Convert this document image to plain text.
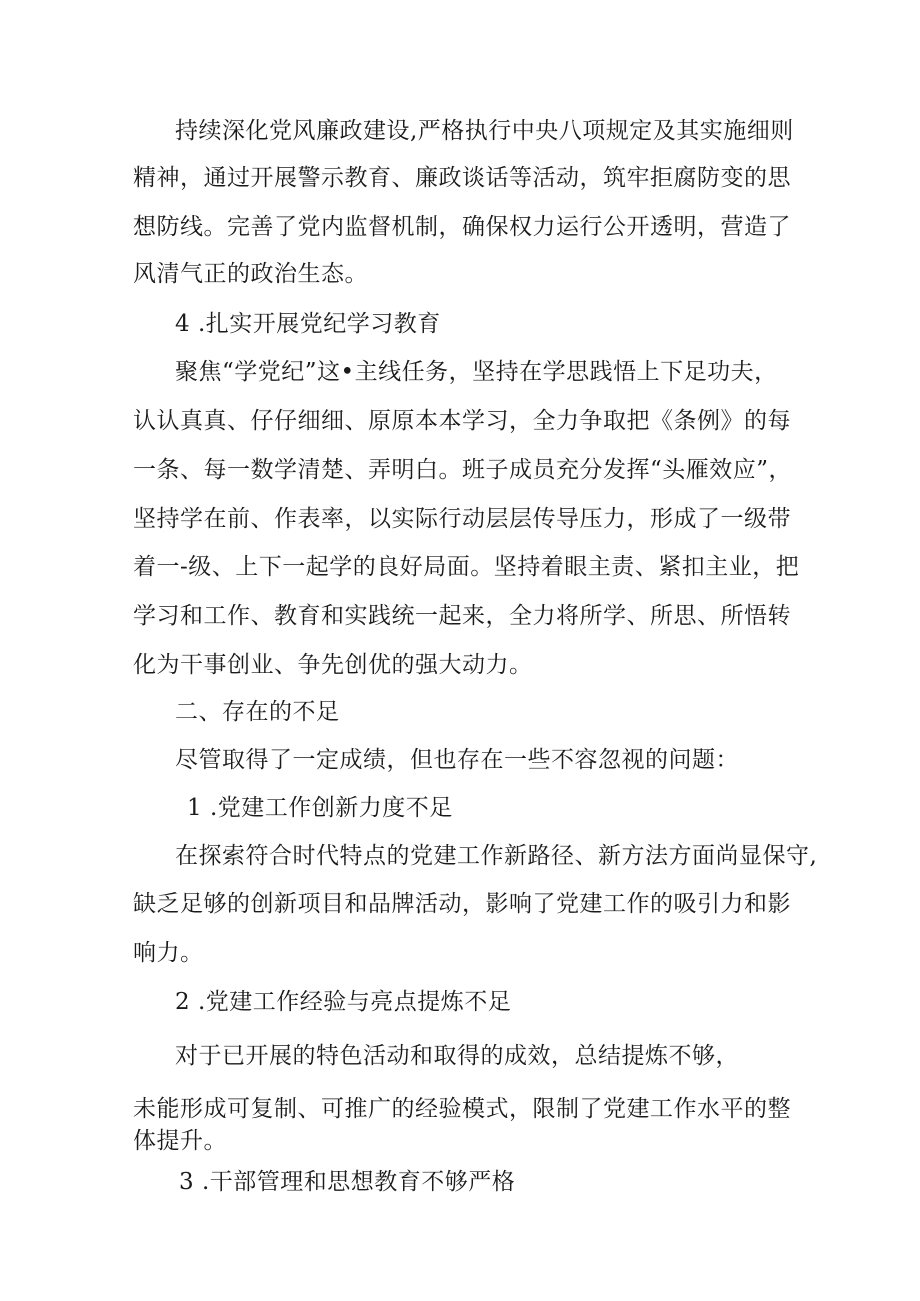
持续深化党风廉政建设,严格执行中央八项规定及其实施细则
精神，通过开展警示教育、廉政谈话等活动，筑牢拒腐防变的思
想防线。完善了党内监督机制，确保权力运行公开透明，营造了
风清气正的政治生态。
4 .扎实开展党纪学习教育
聚焦“学党纪”这•主线任务，坚持在学思践悟上下足功夫，
认认真真、仔仔细细、原原本本学习，全力争取把《条例》的每
一条、每一数学清楚、弄明白。班子成员充分发挥“头雁效应”，
坚持学在前、作表率，以实际行动层层传导压力，形成了一级带
着一-级、上下一起学的良好局面。坚持着眼主责、紧扣主业，把
学习和工作、教育和实践统一起来，全力将所学、所思、所悟转
化为干事创业、争先创优的强大动力。
二、存在的不足
尽管取得了一定成绩，但也存在一些不容忽视的问题：
1 .党建工作创新力度不足
在探索符合时代特点的党建工作新路径、新方法方面尚显保守,
缺乏足够的创新项目和品牌活动，影响了党建工作的吸引力和影
响力。
2 .党建工作经验与亮点提炼不足
对于已开展的特色活动和取得的成效，总结提炼不够，
未能形成可复制、可推广的经验模式，限制了党建工作水平的整
体提升。
3 .干部管理和思想教育不够严格
